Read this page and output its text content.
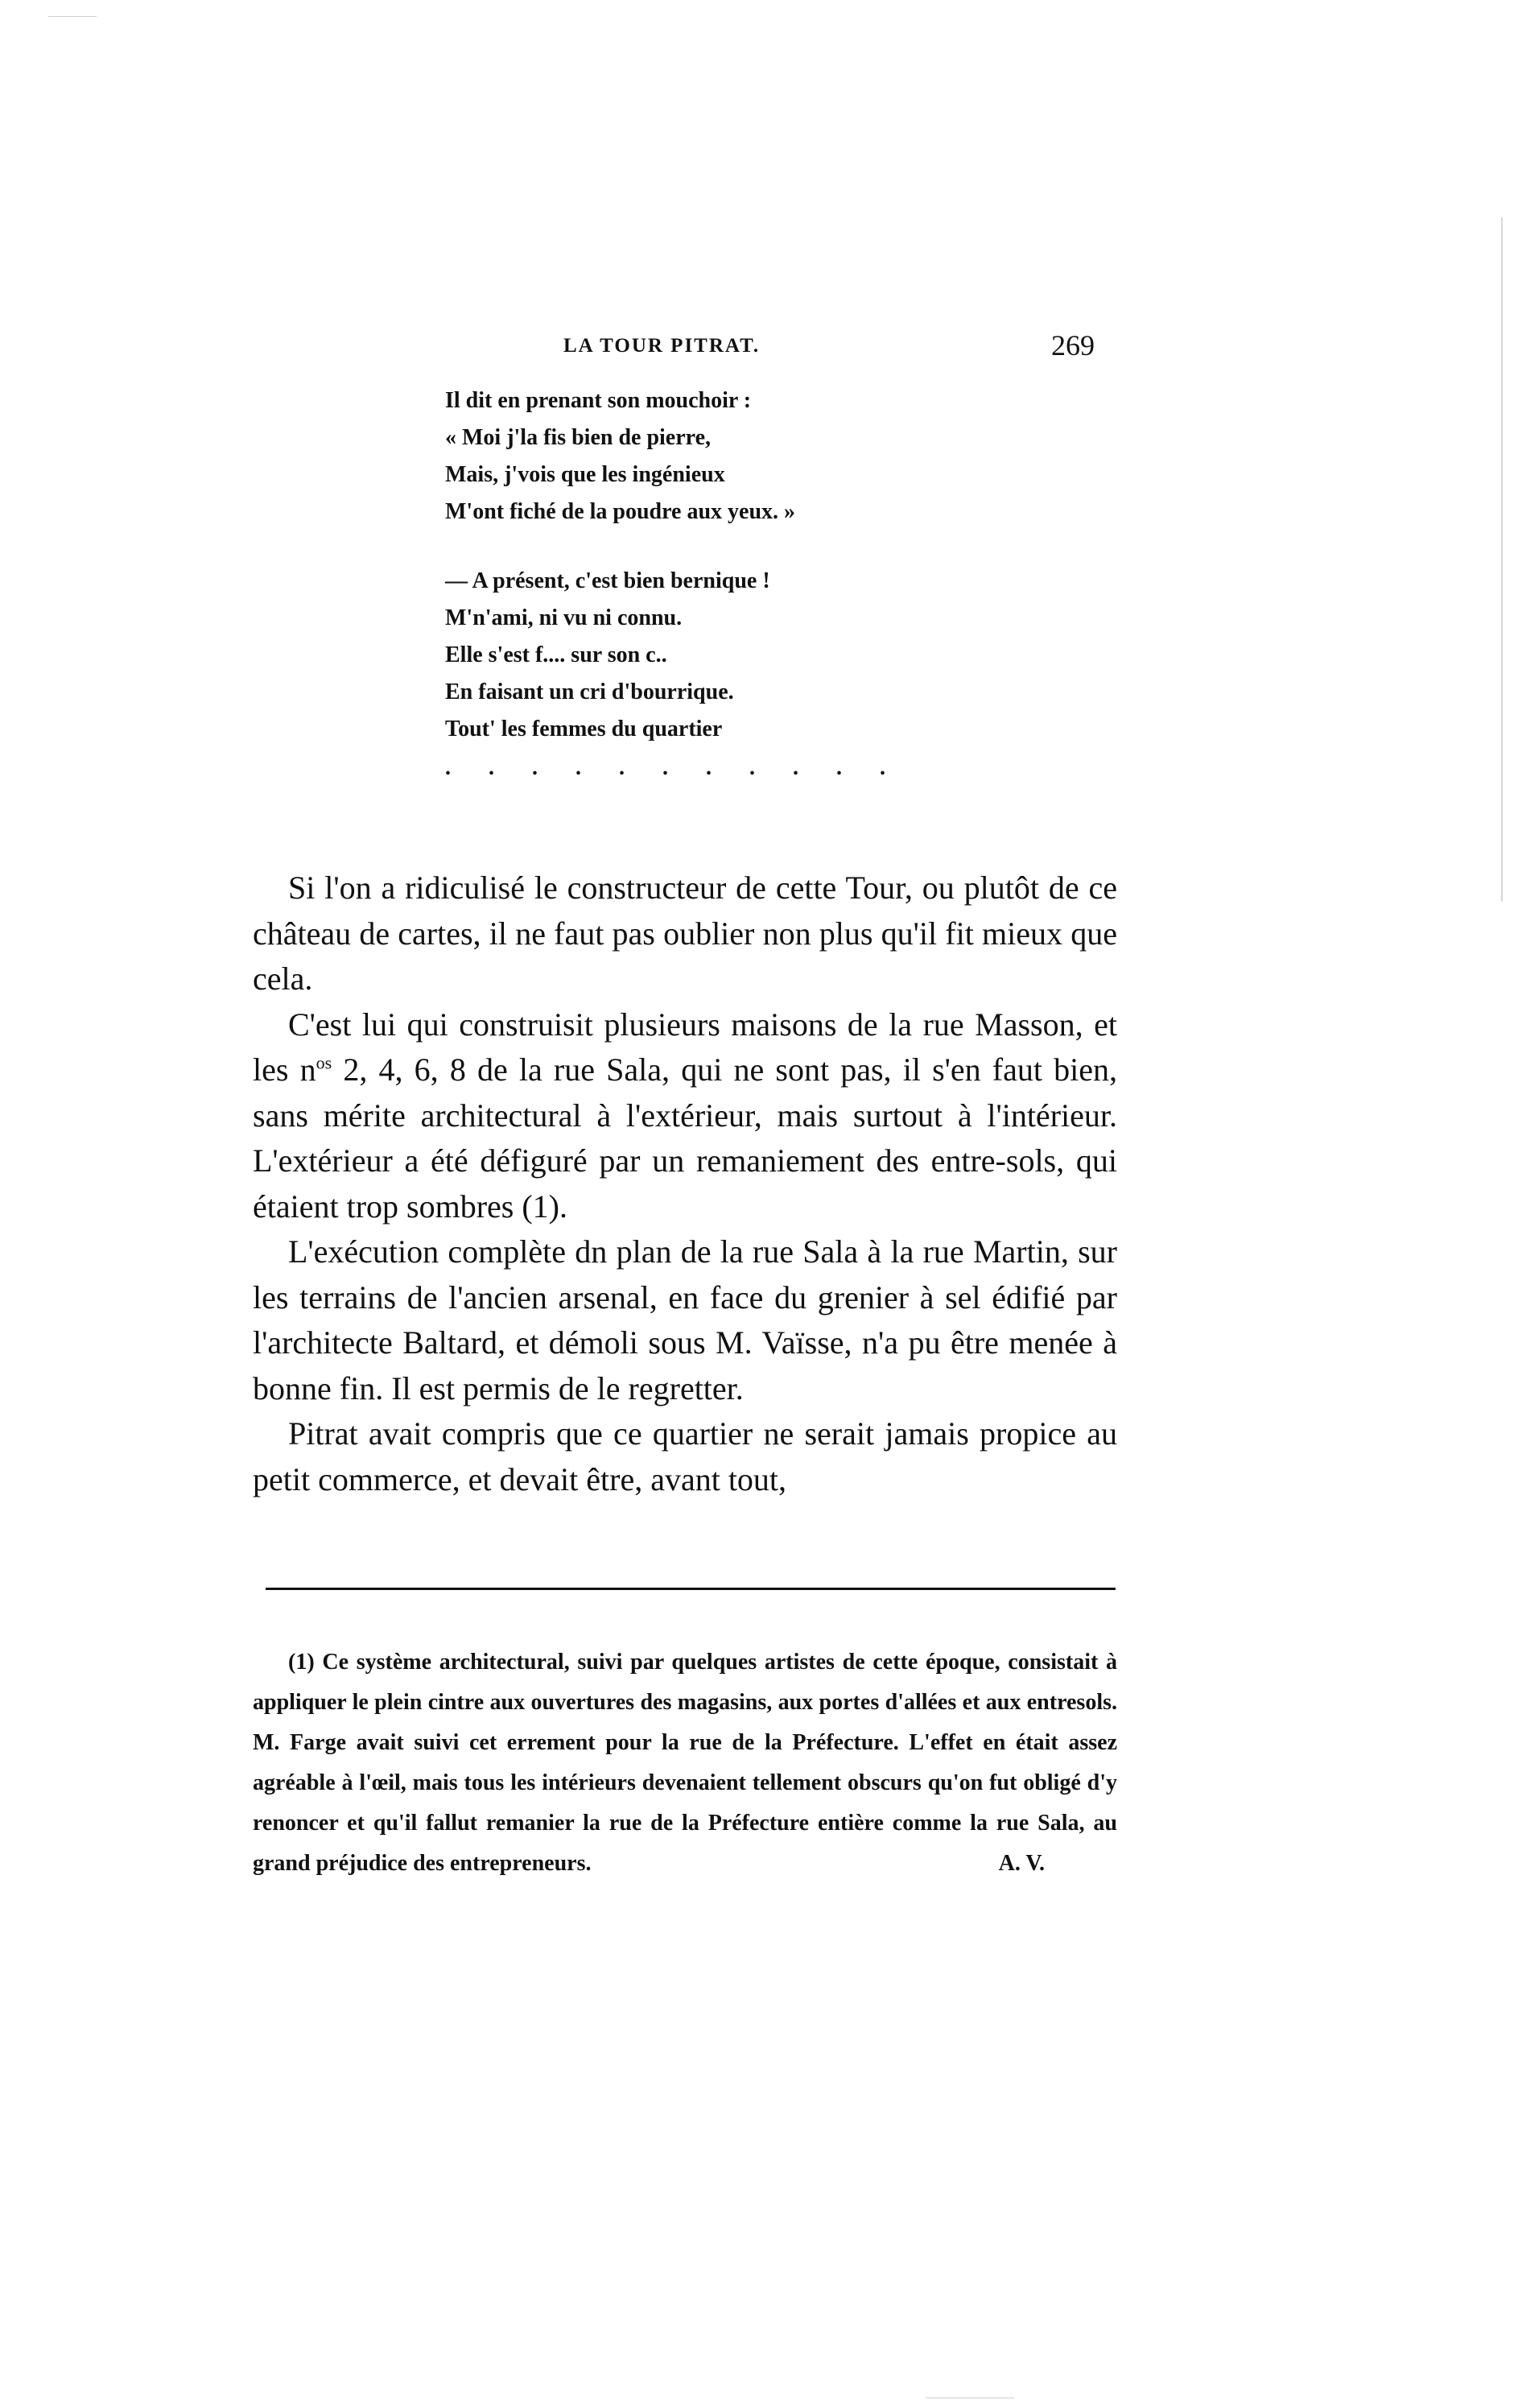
LA TOUR PITRAT.	269
Il dit en prenant son mouchoir :
« Moi j'la fis bien de pierre,
Mais, j'vois que les ingénieux
M'ont fiché de la poudre aux yeux. »
— A présent, c'est bien bernique !
M'n'ami, ni vu ni connu.
Elle s'est f.... sur son c..
En faisant un cri d'bourrique.
Tout' les femmes du quartier
. . . . . . . . . . .

Si l'on a ridiculisé le constructeur de cette Tour, ou plutôt de ce château de cartes, il ne faut pas oublier non plus qu'il fit mieux que cela.

C'est lui qui construisit plusieurs maisons de la rue Masson, et les $n^{os}$ 2, 4, 6, 8 de la rue Sala, qui ne sont pas, il s'en faut bien, sans mérite architectural à l'extérieur, mais surtout à l'intérieur. L'extérieur a été défiguré par un remaniement des entre-sols, qui étaient trop sombres (1).

L'exécution complète dn plan de la rue Sala à la rue Martin, sur les terrains de l'ancien arsenal, en face du grenier à sel édifié par l'architecte Baltard, et démoli sous M. Vaïsse, n'a pu être menée à bonne fin. Il est permis de le regretter.

Pitrat avait compris que ce quartier ne serait jamais propice au petit commerce, et devait être, avant tout,

(1) Ce système architectural, suivi par quelques artistes de cette époque, consistait à appliquer le plein cintre aux ouvertures des magasins, aux portes d'allées et aux entresols. M. Farge avait suivi cet errement pour la rue de la Préfecture. L'effet en était assez agréable à l'œil, mais tous les intérieurs devenaient tellement obscurs qu'on fut obligé d'y renoncer et qu'il fallut remanier la rue de la Préfecture entière comme la rue Sala, au grand préjudice des entrepreneurs.	A. V.
